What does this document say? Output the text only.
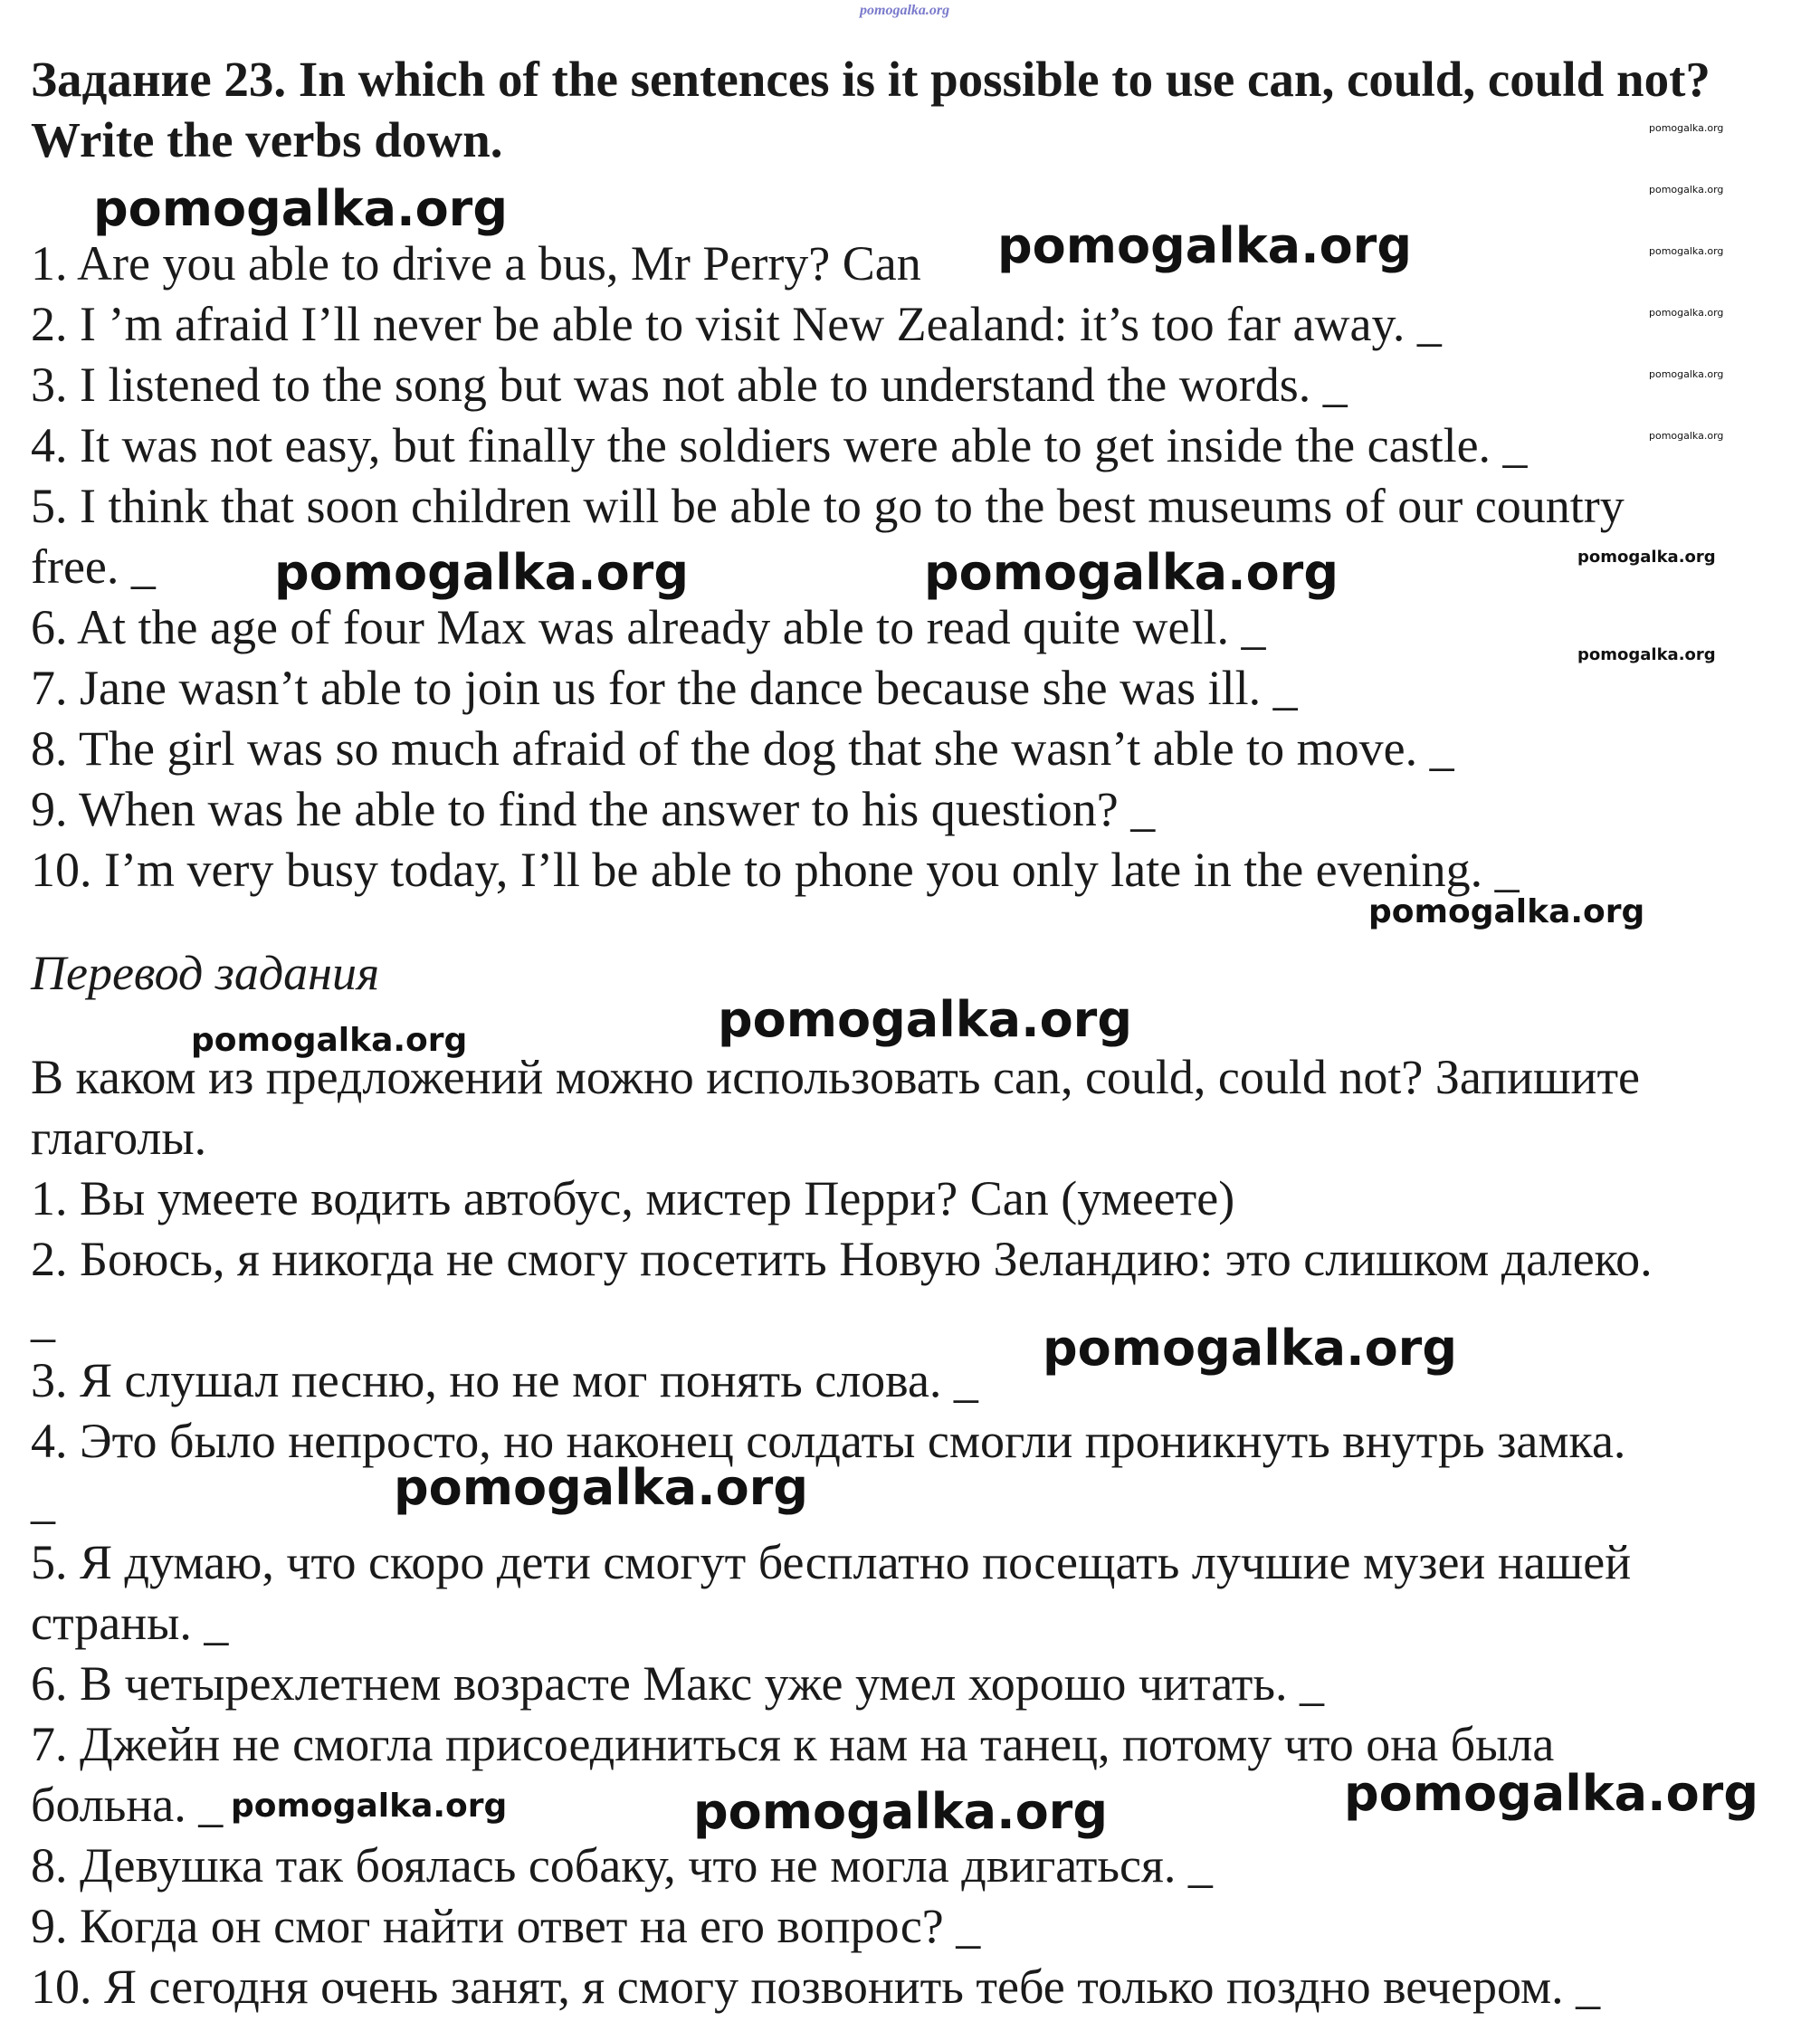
pomogalka.org
Задание 23. In which of the sentences is it possible to use can, could, could not? Write the verbs down.
1. Are you able to drive a bus, Mr Perry? Can
2. I ’m afraid I’ll never be able to visit New Zealand: it’s too far away. _
3. I listened to the song but was not able to understand the words. _
4. It was not easy, but finally the soldiers were able to get inside the castle. _
5. I think that soon children will be able to go to the best museums of our country
free. _
6. At the age of four Max was already able to read quite well. _
7. Jane wasn’t able to join us for the dance because she was ill. _
8. The girl was so much afraid of the dog that she wasn’t able to move. _
9. When was he able to find the answer to his question? _
10. I’m very busy today, I’ll be able to phone you only late in the evening. _
Перевод задания
В каком из предложений можно использовать can, could, could not? Запишите
глаголы.
1. Вы умеете водить автобус, мистер Перри? Can (умеете)
2. Боюсь, я никогда не смогу посетить Новую Зеландию: это слишком далеко.
_
3. Я слушал песню, но не мог понять слова. _
4. Это было непросто, но наконец солдаты смогли проникнуть внутрь замка.
_
5. Я думаю, что скоро дети смогут бесплатно посещать лучшие музеи нашей
страны. _
6. В четырехлетнем возрасте Макс уже умел хорошо читать. _
7. Джейн не смогла присоединиться к нам на танец, потому что она была
больна. _
8. Девушка так боялась собаку, что не могла двигаться. _
9. Когда он смог найти ответ на его вопрос? _
10. Я сегодня очень занят, я смогу позвонить тебе только поздно вечером. _
pomogalka.org
pomogalka.org
pomogalka.org	pomogalka.org
pomogalka.org
pomogalka.org
pomogalka.org
pomogalka.org	pomogalka.org
pomogalka.org
pomogalka.org
pomogalka.org
pomogalka.org
pomogalka.org
pomogalka.org
pomogalka.org
pomogalka.org
pomogalka.org
pomogalka.org
pomogalka.org
